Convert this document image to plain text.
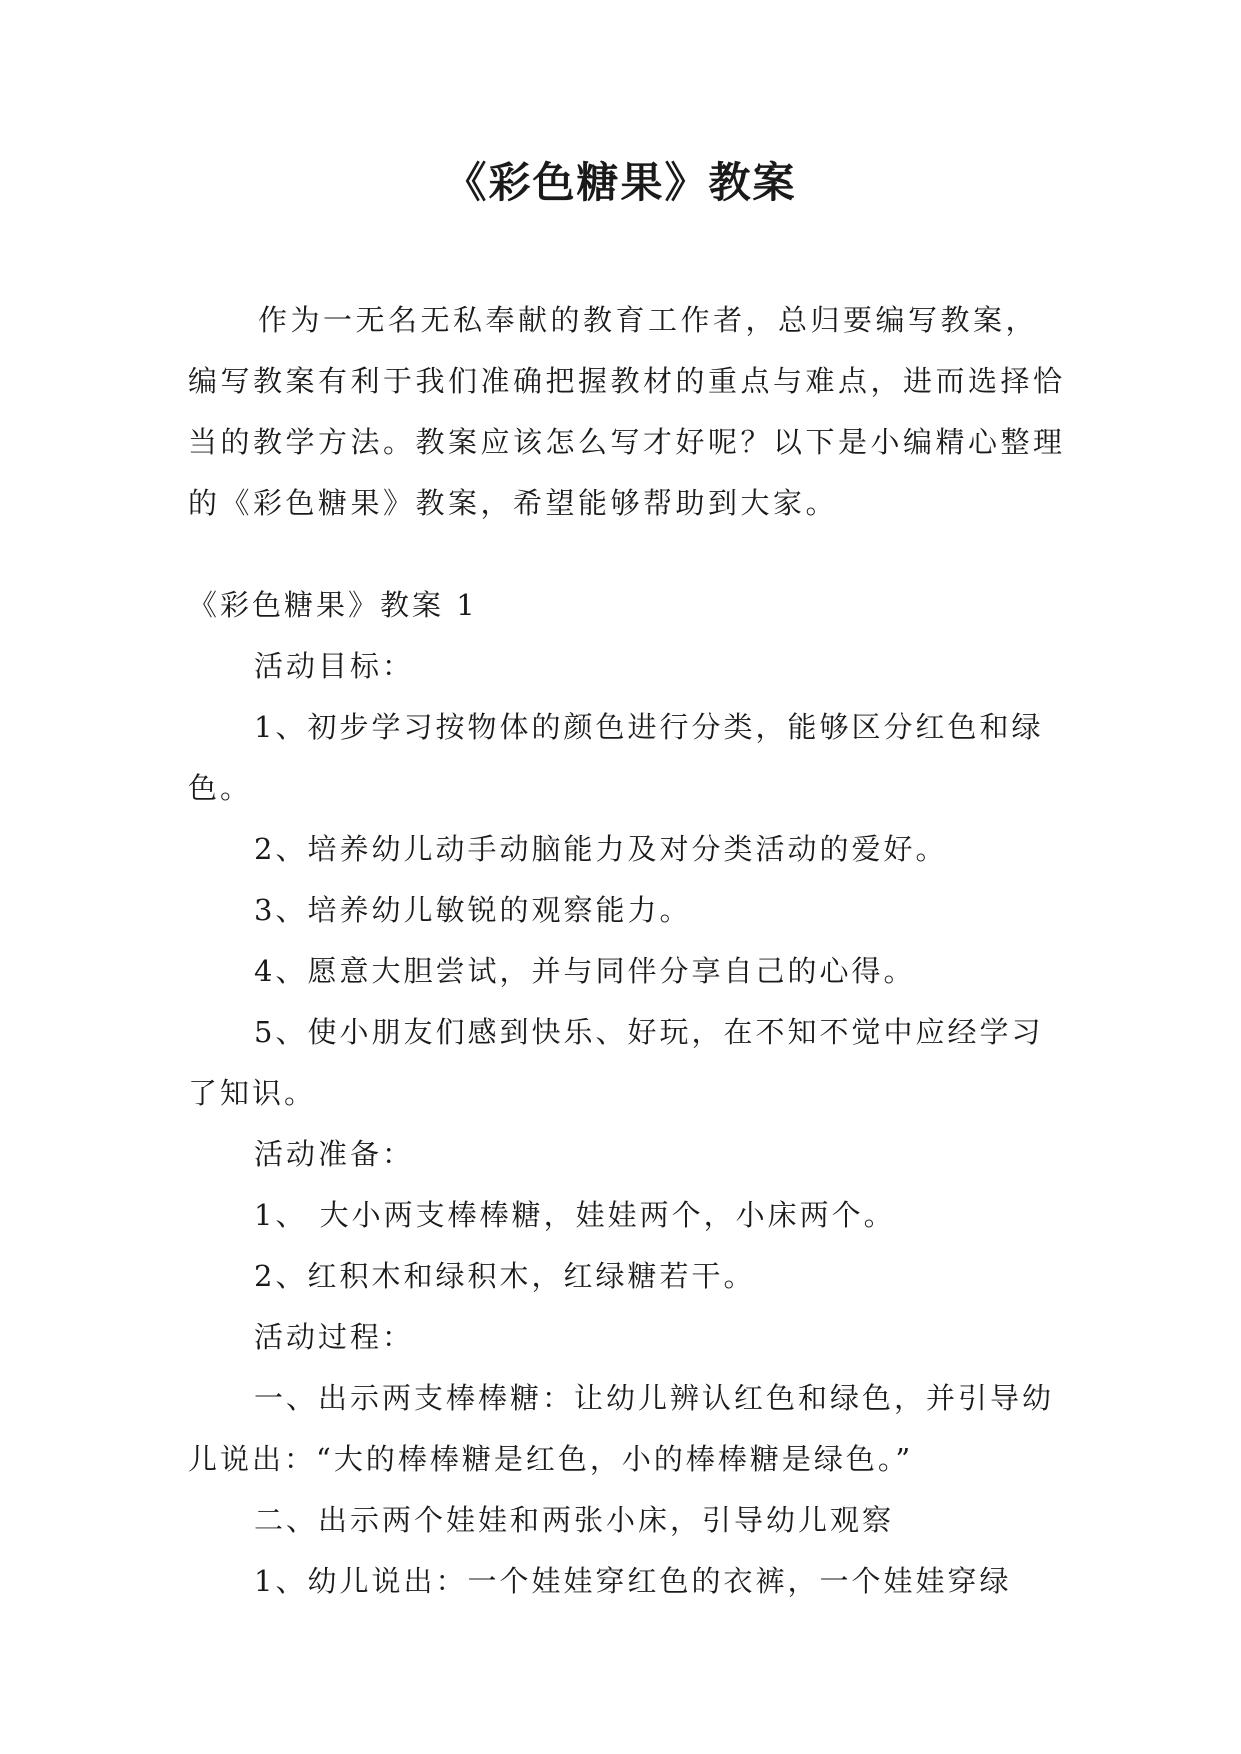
《彩色糖果》教案

作为一无名无私奉献的教育工作者，总归要编写教案，编写教案有利于我们准确把握教材的重点与难点，进而选择恰当的教学方法。教案应该怎么写才好呢？以下是小编精心整理的《彩色糖果》教案，希望能够帮助到大家。

《彩色糖果》教案 1

活动目标：

1、初步学习按物体的颜色进行分类，能够区分红色和绿色。

2、培养幼儿动手动脑能力及对分类活动的爱好。

3、培养幼儿敏锐的观察能力。

4、愿意大胆尝试，并与同伴分享自己的心得。

5、使小朋友们感到快乐、好玩，在不知不觉中应经学习了知识。

活动准备：

1、 大小两支棒棒糖，娃娃两个，小床两个。

2、红积木和绿积木，红绿糖若干。

活动过程：

一、出示两支棒棒糖：让幼儿辨认红色和绿色，并引导幼儿说出：“大的棒棒糖是红色，小的棒棒糖是绿色。”

二、出示两个娃娃和两张小床，引导幼儿观察

1、幼儿说出：一个娃娃穿红色的衣裤，一个娃娃穿绿
